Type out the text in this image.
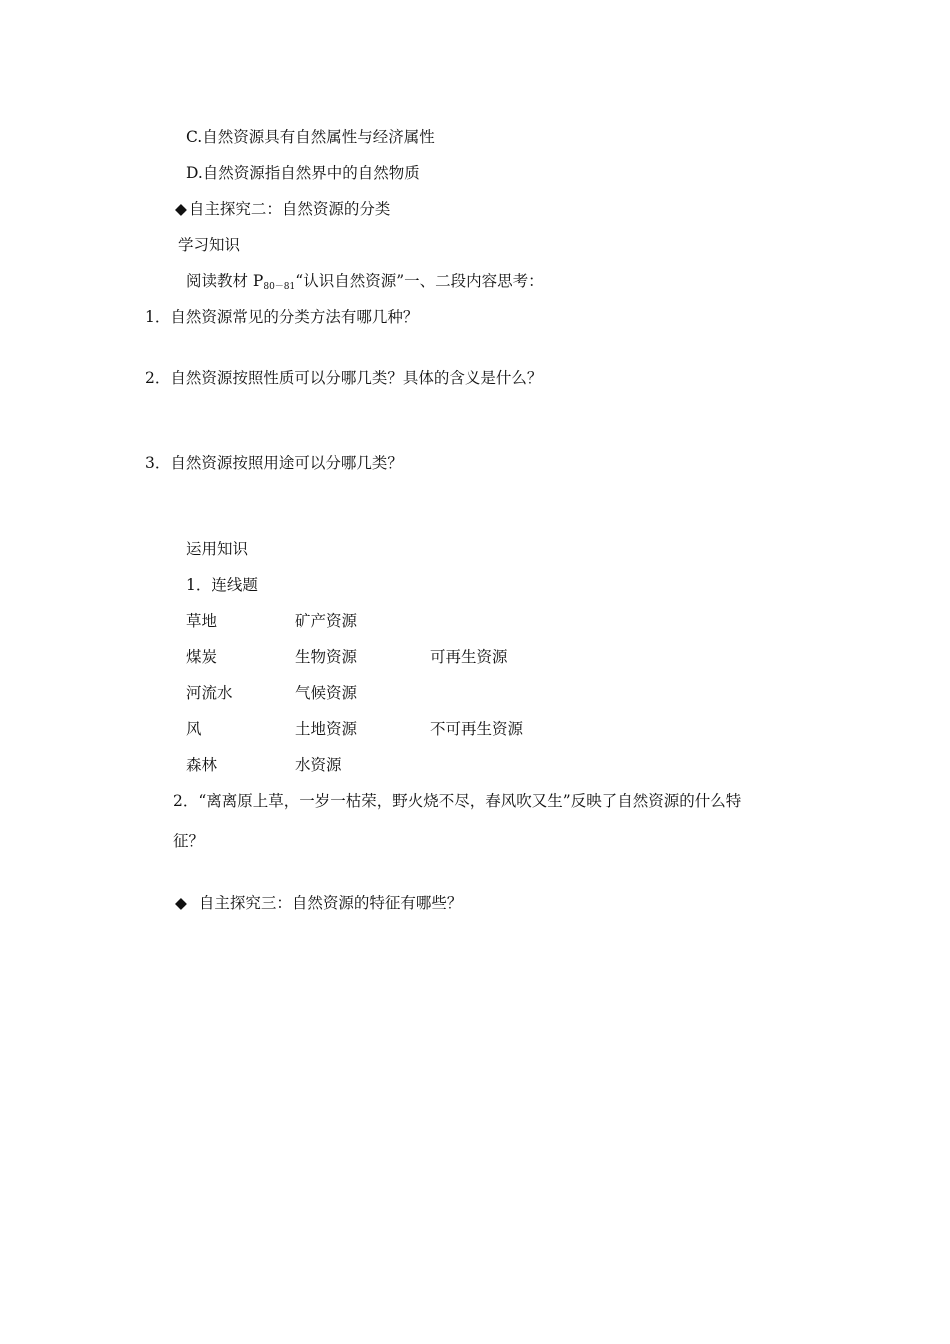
C.自然资源具有自然属性与经济属性
D.自然资源指自然界中的自然物质
◆ 自主探究二：自然资源的分类
学习知识
阅读教材 $P_{80-81}“$认识自然资源”一、二段内容思考：
1．自然资源常见的分类方法有哪几种？
2．自然资源按照性质可以分哪几类？具体的含义是什么？
3．自然资源按照用途可以分哪几类？
运用知识
1．连线题
草地	矿产资源
煤炭	生物资源	可再生资源
河流水	气候资源
风	土地资源	不可再生资源
森林	水资源
2．“离离原上草，一岁一枯荣，野火烧不尽，春风吹又生”反映了自然资源的什么特
征？
◆ 自主探究三：自然资源的特征有哪些？
